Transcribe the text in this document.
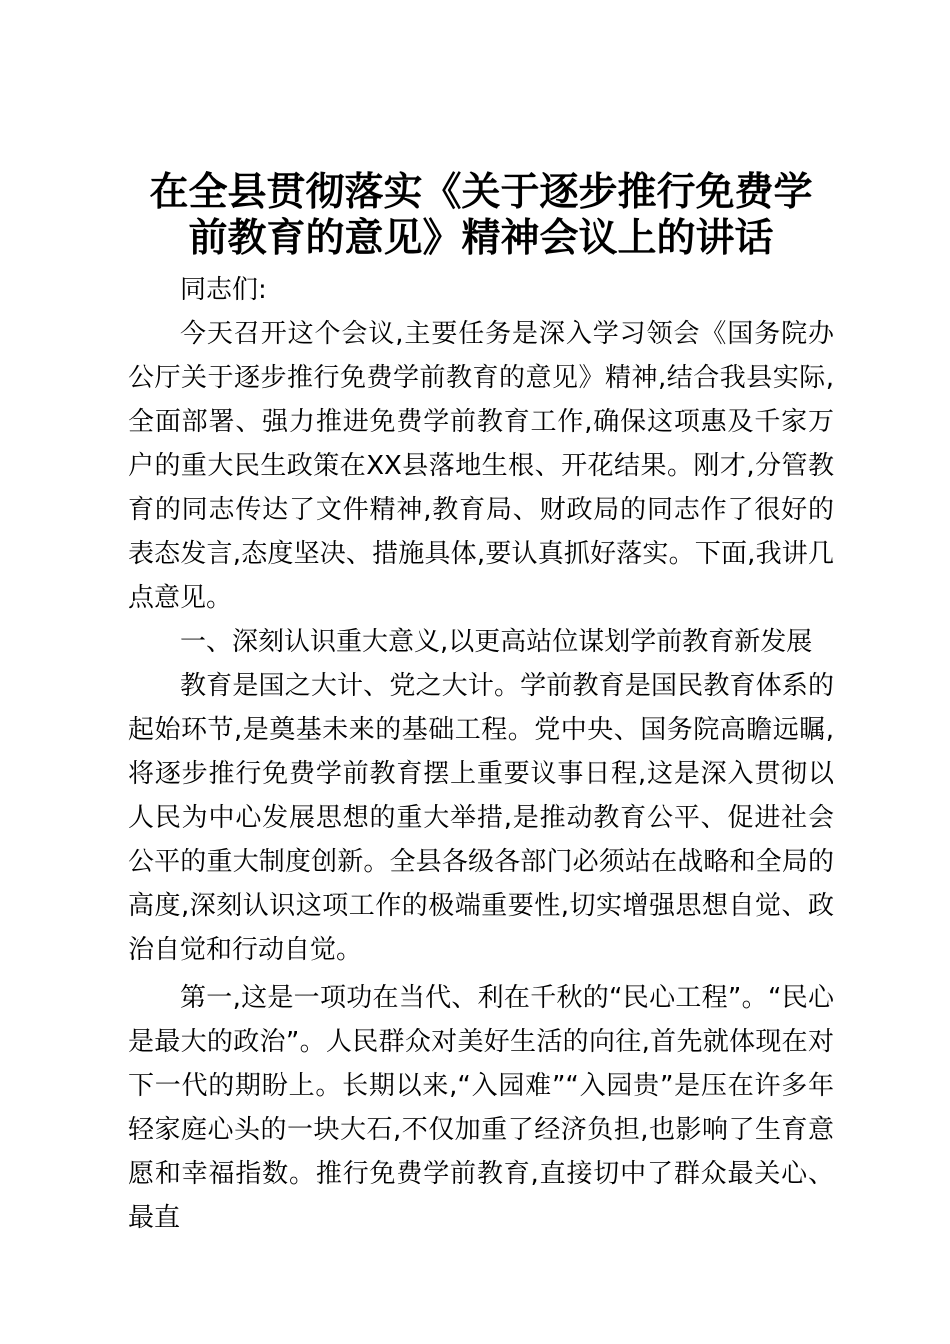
在全县贯彻落实《关于逐步推行免费学
前教育的意见》精神会议上的讲话

同志们:

今天召开这个会议,主要任务是深入学习领会《国务院办公厅关于逐步推行免费学前教育的意见》精神,结合我县实际,全面部署、强力推进免费学前教育工作,确保这项惠及千家万户的重大民生政策在XX县落地生根、开花结果。刚才,分管教育的同志传达了文件精神,教育局、财政局的同志作了很好的表态发言,态度坚决、措施具体,要认真抓好落实。下面,我讲几点意见。

一、深刻认识重大意义,以更高站位谋划学前教育新发展

教育是国之大计、党之大计。学前教育是国民教育体系的起始环节,是奠基未来的基础工程。党中央、国务院高瞻远瞩,将逐步推行免费学前教育摆上重要议事日程,这是深入贯彻以人民为中心发展思想的重大举措,是推动教育公平、促进社会公平的重大制度创新。全县各级各部门必须站在战略和全局的高度,深刻认识这项工作的极端重要性,切实增强思想自觉、政治自觉和行动自觉。

第一,这是一项功在当代、利在千秋的“民心工程”。“民心是最大的政治”。人民群众对美好生活的向往,首先就体现在对下一代的期盼上。长期以来,“入园难”“入园贵”是压在许多年轻家庭心头的一块大石,不仅加重了经济负担,也影响了生育意愿和幸福指数。推行免费学前教育,直接切中了群众最关心、最直
